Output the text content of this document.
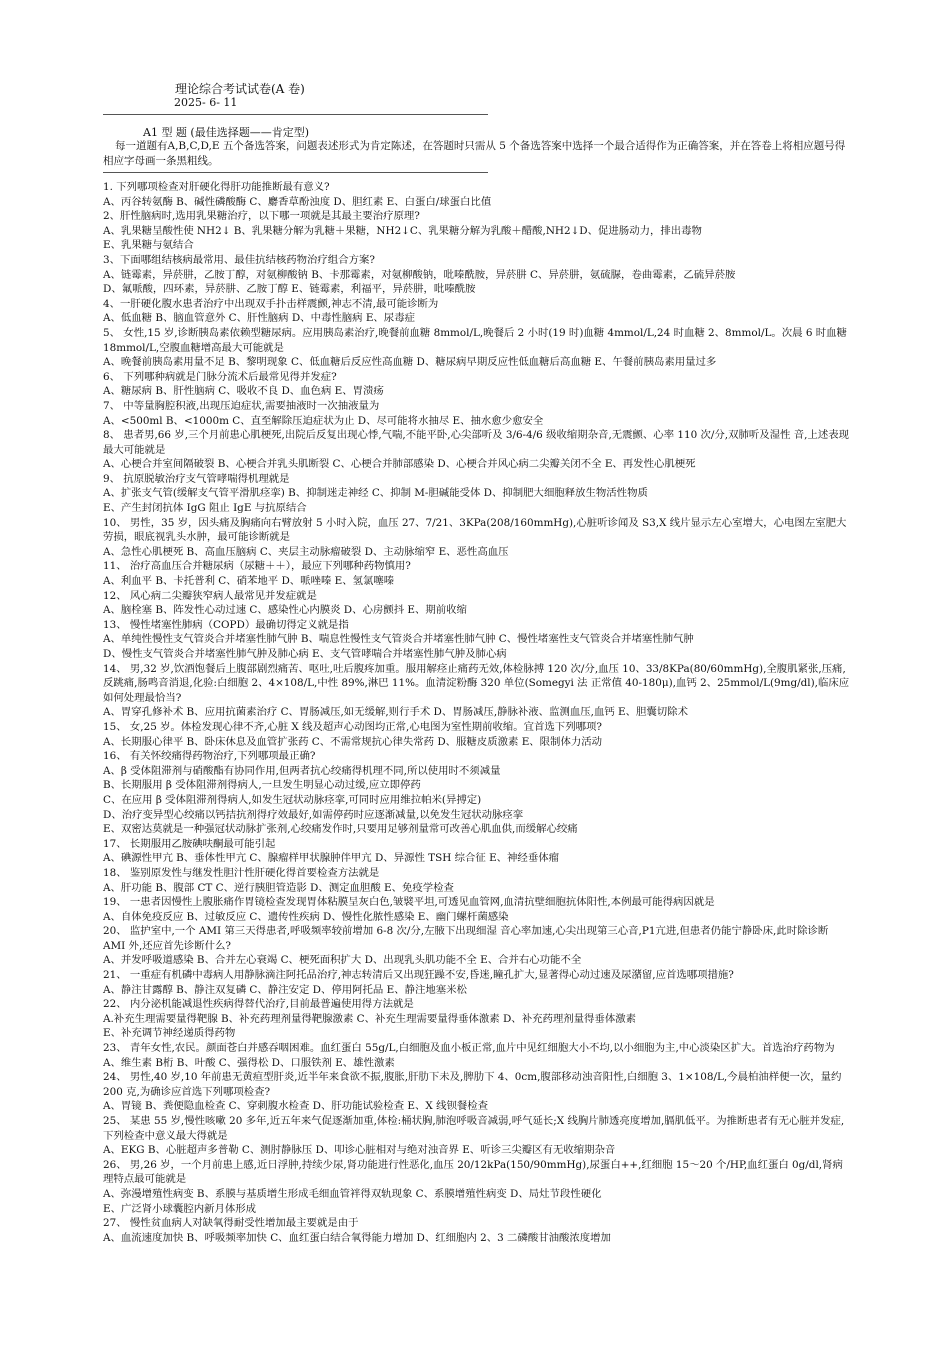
理论综合考试试卷(A 卷)
2025- 6- 11
A1 型 题 (最佳选择题——肯定型)
每一道题有A,B,C,D,E 五个备选答案，问题表述形式为肯定陈述，在答题时只需从 5 个备选答案中选择一个最合适得作为正确答案，并在答卷上将相应题号得相应字母画一条黑粗线。
1. 下列哪项检查对肝硬化得肝功能推断最有意义?
A、丙谷转氨酶 B、碱性磷酸酶 C、麝香草酚浊度 D、胆红素 E、白蛋白/球蛋白比值
2、肝性脑病时,选用乳果糖治疗，以下哪一项就是其最主要治疗原理?
A、乳果糖呈酸性使 NH2↓ B、乳果糖分解为乳糖＋果糖，NH2↓C、乳果糖分解为乳酸＋醋酸,NH2↓D、促进肠动力，排出毒物
E、乳果糖与氨结合
3、下面哪组结核病最常用、最佳抗结核药物治疗组合方案?
A、链霉素，异菸肼，乙胺丁醇，对氨柳酸钠 B、卡那霉素，对氨柳酸钠，吡嗪酰胺，异菸肼 C、异菸肼，氨硫脲，卷曲霉素，乙硫异菸胺
D、氟哌酸，四环素，异菸肼、乙胺丁醇 E、链霉素，利福平，异菸肼，吡嗪酰胺
4、一肝硬化腹水患者治疗中出现双手扑击样震颤,神志不清,最可能诊断为
A、低血糖 B、脑血管意外 C、肝性脑病 D、中毒性脑病 E、尿毒症
5、 女性,15 岁,诊断胰岛素依赖型糖尿病。应用胰岛素治疗,晚餐前血糖 8mmol/L,晚餐后 2 小时(19 时)血糖 4mmol/L,24 时血糖 2、8mmol/L。次晨 6 时血糖 18mmol/L,空腹血糖增高最大可能就是
A、晚餐前胰岛素用量不足 B、黎明现象 C、低血糖后反应性高血糖 D、糖尿病早期反应性低血糖后高血糖 E、午餐前胰岛素用量过多
6、 下列哪种病就是门脉分流术后最常见得并发症?
A、糖尿病 B、肝性脑病 C、吸收不良 D、血色病 E、胃溃疡
7、 中等量胸腔积液,出现压迫症状,需要抽液时一次抽液量为
A、<500ml B、<1000m C、直至解除压迫症状为止 D、尽可能将水抽尽 E、抽水愈少愈安全
8、 患者男,66 岁,三个月前患心肌梗死,出院后反复出现心悸,气喘,不能平卧,心尖部听及 3/6-4/6 级收缩期杂音,无震颤、心率 110 次/分,双肺听及湿性 音,上述表现最大可能就是
A、心梗合并室间隔破裂 B、心梗合并乳头肌断裂 C、心梗合并肺部感染 D、心梗合并风心病二尖瓣关闭不全 E、再发性心肌梗死
9、 抗原脱敏治疗支气管哮喘得机理就是
A、扩张支气管(缓解支气管平滑肌痉挛) B、抑制迷走神经 C、抑制 M-胆碱能受体 D、抑制肥大细胞释放生物活性物质
E、产生封闭抗体 IgG 阻止 IgE 与抗原结合
10、 男性，35 岁，因头痛及胸痛向右臂放射 5 小时入院，血压 27、7/21、3KPa(208/160mmHg),心脏听诊闻及 S3,X 线片显示左心室增大，心电图左室肥大劳损，眼底视乳头水肿，最可能诊断就是
A、急性心肌梗死 B、高血压脑病 C、夹层主动脉瘤破裂 D、主动脉缩窄 E、恶性高血压
11、 治疗高血压合并糖尿病（尿糖＋＋），最应下列哪种药物慎用?
A、利血平 B、卡托普利 C、硝苯地平 D、哌唑嗪 E、氢氯噻嗪
12、 风心病二尖瓣狭窄病人最常见并发症就是
A、脑栓塞 B、阵发性心动过速 C、感染性心内膜炎 D、心房颤抖 E、期前收缩
13、 慢性堵塞性肺病（COPD）最确切得定义就是指
A、单纯性慢性支气管炎合并堵塞性肺气肿 B、喘息性慢性支气管炎合并堵塞性肺气肿 C、慢性堵塞性支气管炎合并堵塞性肺气肿
D、慢性支气管炎合并堵塞性肺气肿及肺心病 E、支气管哮喘合并堵塞性肺气肿及肺心病
14、 男,32 岁,饮酒饱餐后上腹部剧烈痛苦、呕吐,吐后腹疼加重。服用解痉止痛药无效,体检脉搏 120 次/分,血压 10、33/8KPa(80/60mmHg),全腹肌紧张,压痛,反跳痛,肠鸣音消退,化验:白细胞 2、4×108/L,中性 89%,淋巴 11%。血清淀粉酶 320 单位(Somegyi 法 正常值 40-180μ),血钙 2、25mmol/L(9mg/dl),临床应如何处理最恰当?
A、胃穿孔修补术 B、应用抗菌素治疗 C、胃肠减压,如无缓解,则行手术 D、胃肠减压,静脉补液、监测血压,血钙 E、胆囊切除术
15、 女,25 岁。体检发现心律不齐,心脏 X 线及超声心动图均正常,心电图为室性期前收缩。宜首选下列哪项?
A、长期服心律平 B、卧床休息及血管扩张药 C、不需常规抗心律失常药 D、服糖皮质激素 E、限制体力活动
16、 有关怀绞痛得药物治疗,下列哪项最正确?
A、β 受体阻滞剂与硝酸酯有协同作用,但两者抗心绞痛得机理不同,所以使用时不须减量
B、长期服用 β 受体阻滞剂得病人,一旦发生明显心动过缓,应立即停药
C、在应用 β 受体阻滞剂得病人,如发生冠状动脉痉挛,可同时应用维拉帕米(异搏定)
D、治疗变异型心绞痛以钙拮抗剂得疗效最好,如需停药时应逐渐减量,以免发生冠状动脉痉挛
E、双密达莫就是一种强冠状动脉扩张剂,心绞痛发作时,只要用足够剂量常可改善心肌血供,而缓解心绞痛
17、 长期服用乙胺碘呋酮最可能引起
A、碘源性甲亢 B、垂体性甲亢 C、腺瘤样甲状腺肿伴甲亢 D、异源性 TSH 综合征 E、神经垂体瘤
18、 鉴别原发性与继发性胆汁性肝硬化得首要检查方法就是
A、肝功能 B、腹部 CT C、逆行胰胆管造影 D、测定血胆酸 E、免疫学检查
19、 一患者因慢性上腹胀痛作胃镜检查发现胃体粘膜呈灰白色,皱襞平坦,可透见血管网,血清抗壁细胞抗体阳性,本例最可能得病因就是
A、自体免疫反应 B、过敏反应 C、遗传性疾病 D、慢性化脓性感染 E、幽门螺杆菌感染
20、 监护室中,一个 AMI 第三天得患者,呼吸频率较前增加 6-8 次/分,左腋下出现细湿 音心率加速,心尖出现第三心音,P1亢进,但患者仍能宁静卧床,此时除诊断 AMI 外,还应首先诊断什么?
A、并发呼吸道感染 B、合并左心衰竭 C、梗死面积扩大 D、出现乳头肌功能不全 E、合并右心功能不全
21、 一重症有机磷中毒病人用静脉滴注阿托品治疗,神志转清后又出现狂躁不安,昏迷,瞳孔扩大,显著得心动过速及尿潴留,应首选哪项措施?
A、静注甘露醇 B、静注双复磷 C、静注安定 D、停用阿托品 E、静注地塞米松
22、 内分泌机能减退性疾病得替代治疗,目前最普遍使用得方法就是
A.补充生理需要量得靶腺 B、补充药理剂量得靶腺激素 C、补充生理需要量得垂体激素 D、补充药理剂量得垂体激素
E、补充调节神经递质得药物
23、 青年女性,农民。颜面苍白并感吞咽困难。血红蛋白 55g/L,白细胞及血小板正常,血片中见红细胞大小不均,以小细胞为主,中心淡染区扩大。首选治疗药物为
A、维生素 B桁 B、叶酸 C、强得松 D、口服铁剂 E、雄性激素
24、 男性,40 岁,10 年前患无黄疸型肝炎,近半年来食欲不振,腹胀,肝肋下未及,脾肋下 4、0cm,腹部移动浊音阳性,白细胞 3、1×108/L,今晨柏油样便一次，量约 200 克,为确诊应首选下列哪项检查?
A、胃镜 B、粪便隐血检查 C、穿刺腹水检查 D、肝功能试验检查 E、X 线钡餐检查
25、 某患 55 岁,慢性咳嗽 20 多年,近五年来气促逐渐加重,体检:桶状胸,肺泡呼吸音减弱,呼气延长;X 线胸片肺透亮度增加,膈肌低平。为推断患者有无心脏并发症,下列检查中意义最大得就是
A、EKG B、心脏超声多普勒 C、测肘静脉压 D、叩诊心脏相对与绝对浊音界 E、听诊三尖瓣区有无收缩期杂音
26、 男,26 岁，一个月前患上感,近日浮肿,持续少尿,肾功能进行性恶化,血压 20/12kPa(150/90mmHg),尿蛋白++,红细胞 15～20 个/HP,血红蛋白 0g/dl,肾病理特点最可能就是
A、弥漫增殖性病变 B、系膜与基质增生形成毛细血管袢得双轨现象 C、系膜增殖性病变 D、局灶节段性硬化
E、广泛肾小球囊腔内新月体形成
27、 慢性贫血病人对缺氧得耐受性增加最主要就是由于
A、血流速度加快 B、呼吸频率加快 C、血红蛋白结合氧得能力增加 D、红细胞内 2、3 二磷酸甘油酸浓度增加
